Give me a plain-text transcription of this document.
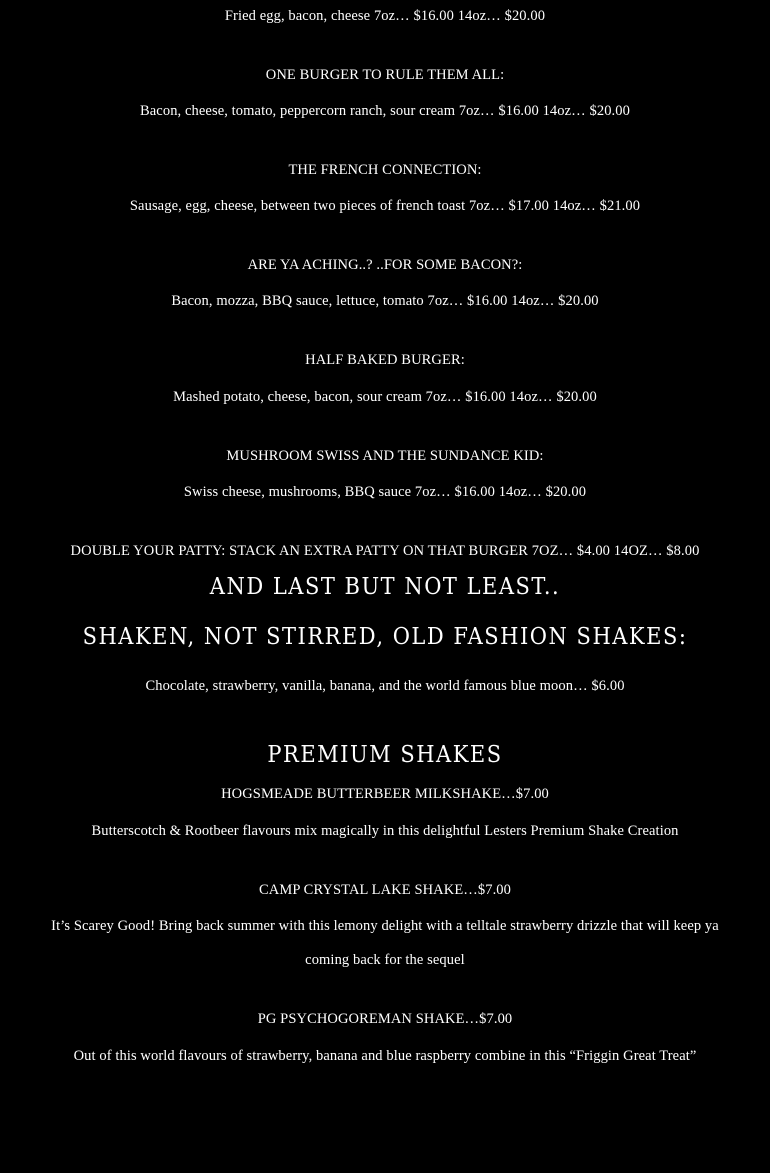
Fried egg, bacon, cheese 7oz… $16.00 14oz… $20.00
ONE BURGER TO RULE THEM ALL:
Bacon, cheese, tomato, peppercorn ranch, sour cream 7oz… $16.00 14oz… $20.00
THE FRENCH CONNECTION:
Sausage, egg, cheese, between two pieces of french toast 7oz… $17.00 14oz… $21.00
ARE YA ACHING..? ..FOR SOME BACON?:
Bacon, mozza, BBQ sauce, lettuce, tomato 7oz… $16.00 14oz… $20.00
HALF BAKED BURGER:
Mashed potato, cheese, bacon, sour cream 7oz… $16.00 14oz… $20.00
MUSHROOM SWISS AND THE SUNDANCE KID:
Swiss cheese, mushrooms, BBQ sauce 7oz… $16.00 14oz… $20.00
DOUBLE YOUR PATTY: STACK AN EXTRA PATTY ON THAT BURGER 7OZ… $4.00 14OZ… $8.00
AND LAST BUT NOT LEAST..
SHAKEN, NOT STIRRED, OLD FASHION SHAKES:
Chocolate, strawberry, vanilla, banana, and the world famous blue moon… $6.00
PREMIUM SHAKES
HOGSMEADE BUTTERBEER MILKSHAKE…$7.00
Butterscotch & Rootbeer flavours mix magically in this delightful Lesters Premium Shake Creation
CAMP CRYSTAL LAKE SHAKE…$7.00
It’s Scarey Good! Bring back summer with this lemony delight with a telltale strawberry drizzle that will keep ya coming back for the sequel
PG PSYCHOGOREMAN SHAKE…$7.00
Out of this world flavours of strawberry, banana and blue raspberry combine in this “Friggin Great Treat”
